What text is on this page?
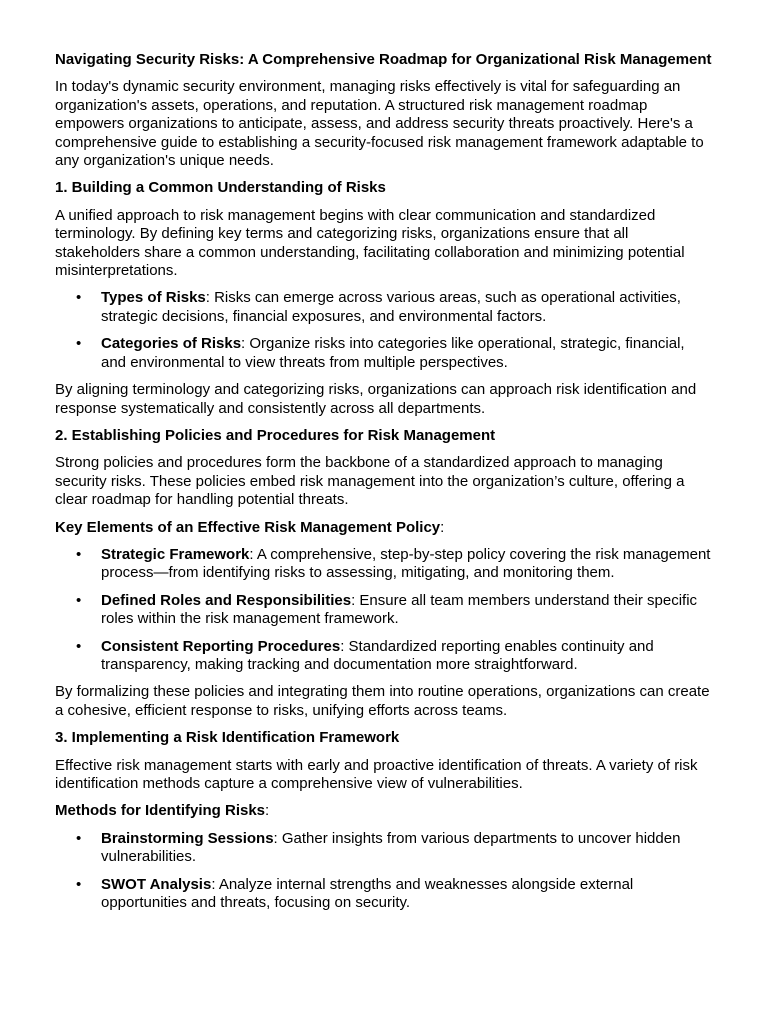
Navigating Security Risks: A Comprehensive Roadmap for Organizational Risk Management

In today's dynamic security environment, managing risks effectively is vital for safeguarding an organization's assets, operations, and reputation. A structured risk management roadmap empowers organizations to anticipate, assess, and address security threats proactively. Here's a comprehensive guide to establishing a security-focused risk management framework adaptable to any organization's unique needs.

1. Building a Common Understanding of Risks

A unified approach to risk management begins with clear communication and standardized terminology. By defining key terms and categorizing risks, organizations ensure that all stakeholders share a common understanding, facilitating collaboration and minimizing potential misinterpretations.

• Types of Risks: Risks can emerge across various areas, such as operational activities, strategic decisions, financial exposures, and environmental factors.
• Categories of Risks: Organize risks into categories like operational, strategic, financial, and environmental to view threats from multiple perspectives.

By aligning terminology and categorizing risks, organizations can approach risk identification and response systematically and consistently across all departments.

2. Establishing Policies and Procedures for Risk Management

Strong policies and procedures form the backbone of a standardized approach to managing security risks. These policies embed risk management into the organization’s culture, offering a clear roadmap for handling potential threats.

Key Elements of an Effective Risk Management Policy:

• Strategic Framework: A comprehensive, step-by-step policy covering the risk management process—from identifying risks to assessing, mitigating, and monitoring them.
• Defined Roles and Responsibilities: Ensure all team members understand their specific roles within the risk management framework.
• Consistent Reporting Procedures: Standardized reporting enables continuity and transparency, making tracking and documentation more straightforward.

By formalizing these policies and integrating them into routine operations, organizations can create a cohesive, efficient response to risks, unifying efforts across teams.

3. Implementing a Risk Identification Framework

Effective risk management starts with early and proactive identification of threats. A variety of risk identification methods capture a comprehensive view of vulnerabilities.

Methods for Identifying Risks:

• Brainstorming Sessions: Gather insights from various departments to uncover hidden vulnerabilities.
• SWOT Analysis: Analyze internal strengths and weaknesses alongside external opportunities and threats, focusing on security.
